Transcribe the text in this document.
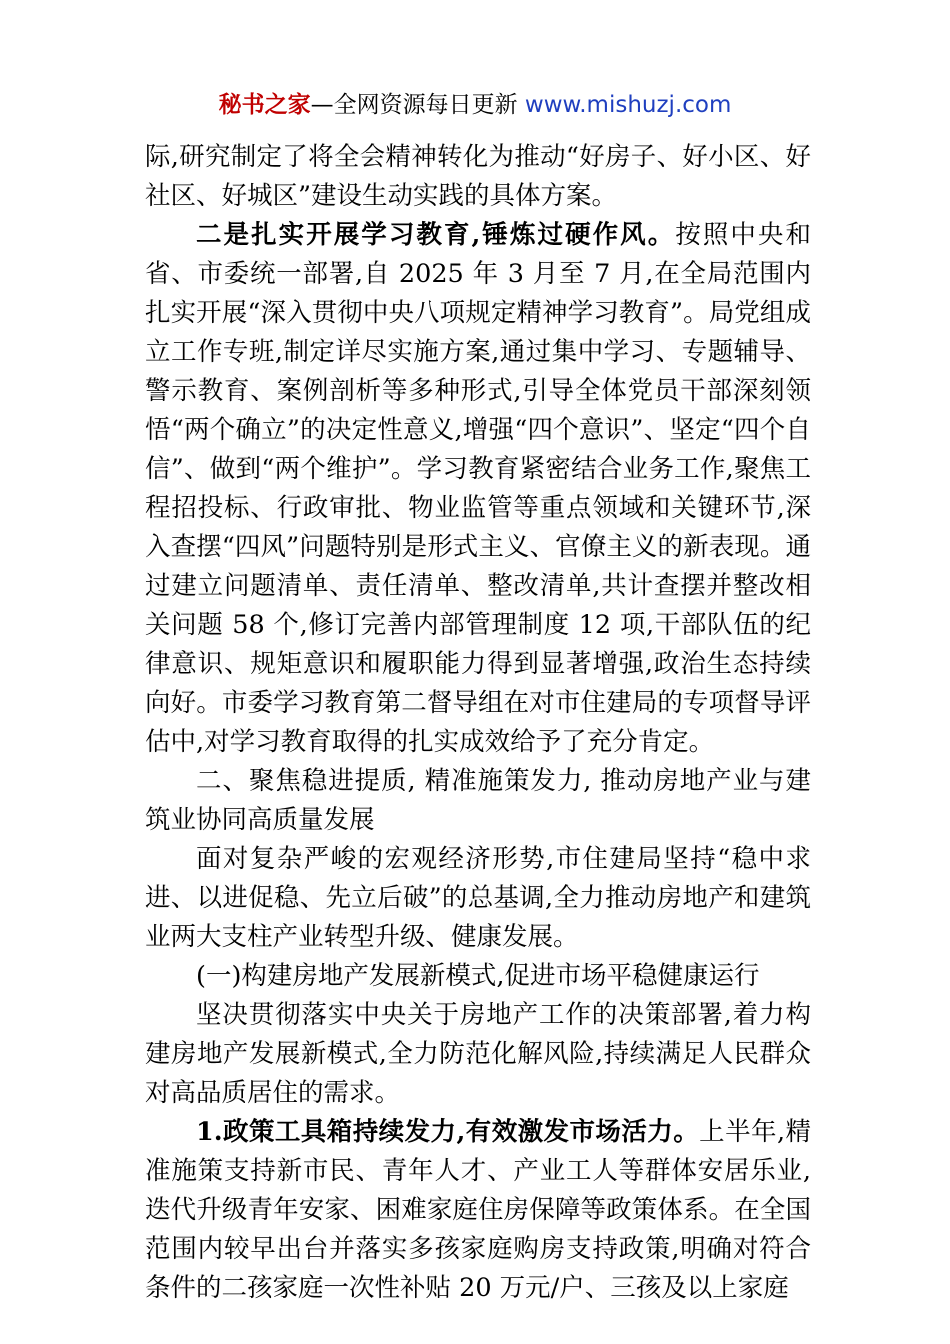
秘书之家—全网资源每日更新 www.mishuzj.com

际,研究制定了将全会精神转化为推动“好房子、好小区、好社区、好城区”建设生动实践的具体方案。

二是扎实开展学习教育,锤炼过硬作风。按照中央和省、市委统一部署,自 2025 年 3 月至 7 月,在全局范围内扎实开展“深入贯彻中央八项规定精神学习教育”。局党组成立工作专班,制定详尽实施方案,通过集中学习、专题辅导、警示教育、案例剖析等多种形式,引导全体党员干部深刻领悟“两个确立”的决定性意义,增强“四个意识”、坚定“四个自信”、做到“两个维护”。学习教育紧密结合业务工作,聚焦工程招投标、行政审批、物业监管等重点领域和关键环节,深入查摆“四风”问题特别是形式主义、官僚主义的新表现。通过建立问题清单、责任清单、整改清单,共计查摆并整改相关问题 58 个,修订完善内部管理制度 12 项,干部队伍的纪律意识、规矩意识和履职能力得到显著增强,政治生态持续向好。市委学习教育第二督导组在对市住建局的专项督导评估中,对学习教育取得的扎实成效给予了充分肯定。

二、聚焦稳进提质, 精准施策发力, 推动房地产业与建筑业协同高质量发展

面对复杂严峻的宏观经济形势,市住建局坚持“稳中求进、以进促稳、先立后破”的总基调,全力推动房地产和建筑业两大支柱产业转型升级、健康发展。

(一)构建房地产发展新模式,促进市场平稳健康运行

坚决贯彻落实中央关于房地产工作的决策部署,着力构建房地产发展新模式,全力防范化解风险,持续满足人民群众对高品质居住的需求。

1.政策工具箱持续发力,有效激发市场活力。上半年,精准施策支持新市民、青年人才、产业工人等群体安居乐业,迭代升级青年安家、困难家庭住房保障等政策体系。在全国范围内较早出台并落实多孩家庭购房支持政策,明确对符合条件的二孩家庭一次性补贴 20 万元/户、三孩及以上家庭
